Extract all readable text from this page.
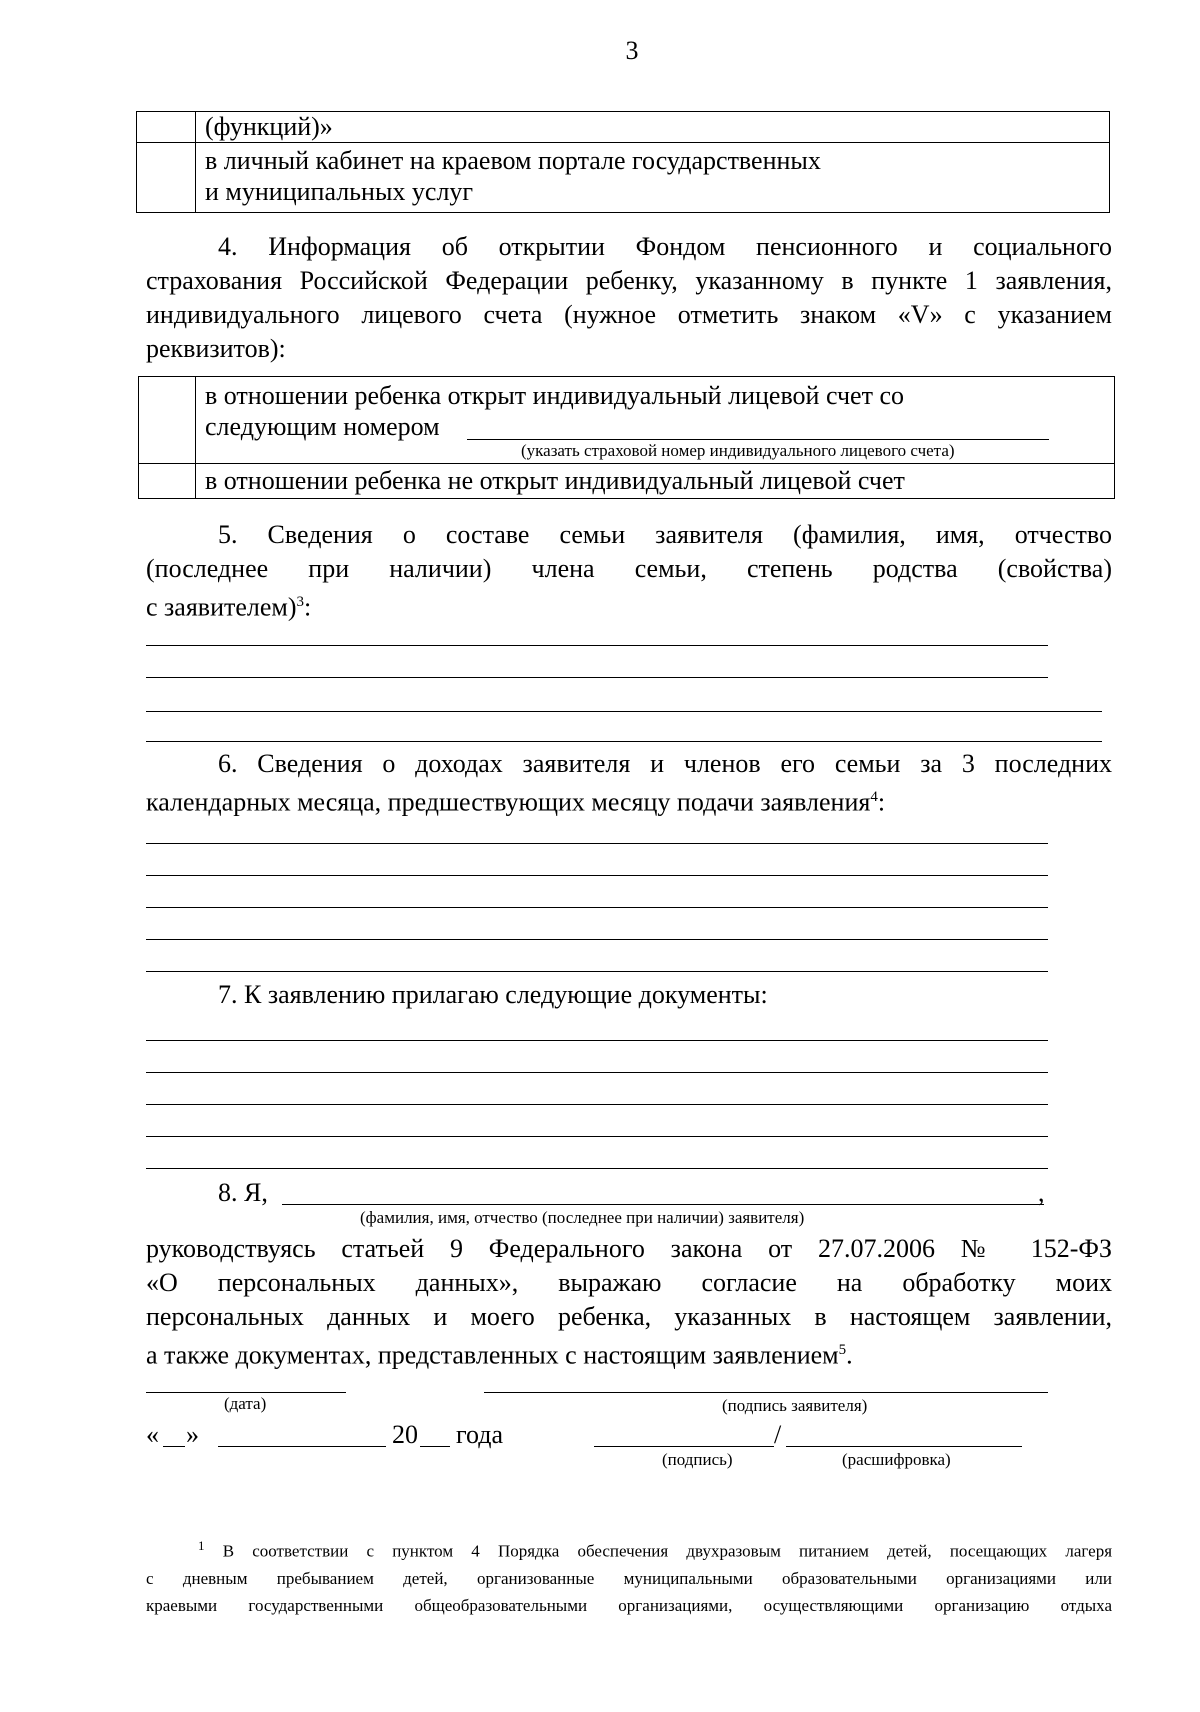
3
(функций)»
в личный кабинет на краевом портале государственных
и муниципальных услуг
4. Информация об открытии Фондом пенсионного и социального
страхования Российской Федерации ребенку, указанному в пункте 1 заявления,
индивидуального лицевого счета (нужное отметить знаком «V» с указанием
реквизитов):
в отношении ребенка открыт индивидуальный лицевой счет со
следующим номером
(указать страховой номер индивидуального лицевого счета)
в отношении ребенка не открыт индивидуальный лицевой счет
5. Сведения о составе семьи заявителя (фамилия, имя, отчество
(последнее при наличии) члена семьи, степень родства (свойства)
с заявителем)$^3$:
6. Сведения о доходах заявителя и членов его семьи за 3 последних
календарных месяца, предшествующих месяцу подачи заявления$^4$:
7. К заявлению прилагаю следующие документы:
8. Я,	,
(фамилия, имя, отчество (последнее при наличии) заявителя)
руководствуясь статьей 9 Федерального закона от 27.07.2006 № 152-ФЗ
«О персональных данных», выражаю согласие на обработку моих
персональных данных и моего ребенка, указанных в настоящем заявлении,
а также документах, представленных с настоящим заявлением$^5$.
(дата)	(подпись заявителя)
« »	20 года	/
(подпись)	(расшифровка)
$^1$ В соответствии с пунктом 4 Порядка обеспечения двухразовым питанием детей, посещающих лагеря
с дневным пребыванием детей, организованные муниципальными образовательными организациями или
краевыми государственными общеобразовательными организациями, осуществляющими организацию отдыха
